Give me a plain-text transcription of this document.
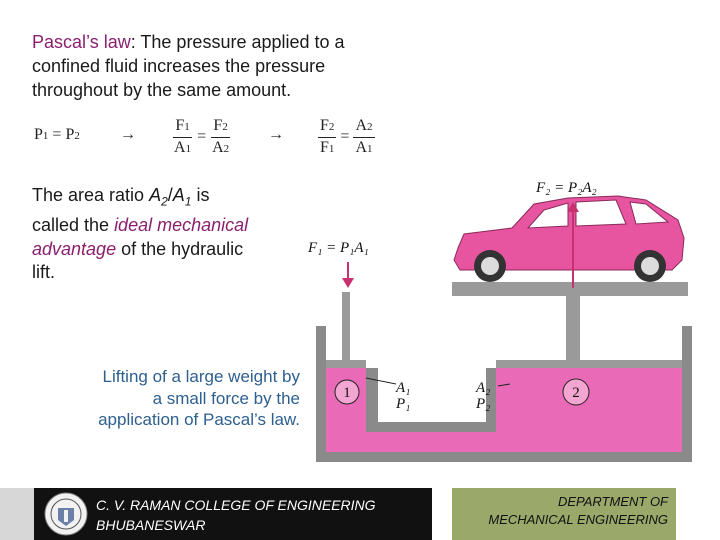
Pascal’s law: The pressure applied to a
confined fluid increases the pressure
throughout by the same amount.
P1 = P2	→ $\frac{F1}{A1} = \frac{F2}{A2} \to \frac{F2}{F1} = \frac{A2}{A1}$
The area ratio $A_2/A_1$ is
called the ideal mechanical
advantage of the hydraulic
lift.
Lifting of a large weight by
a small force by the
application of Pascal’s law.
1	2
A₁
P₁
A₂
P₂
F₁ = P₁A₁
F₂ = P₂A₂
C. V. RAMAN COLLEGE OF ENGINEERING
BHUBANESWAR
DEPARTMENT OF
MECHANICAL ENGINEERING
